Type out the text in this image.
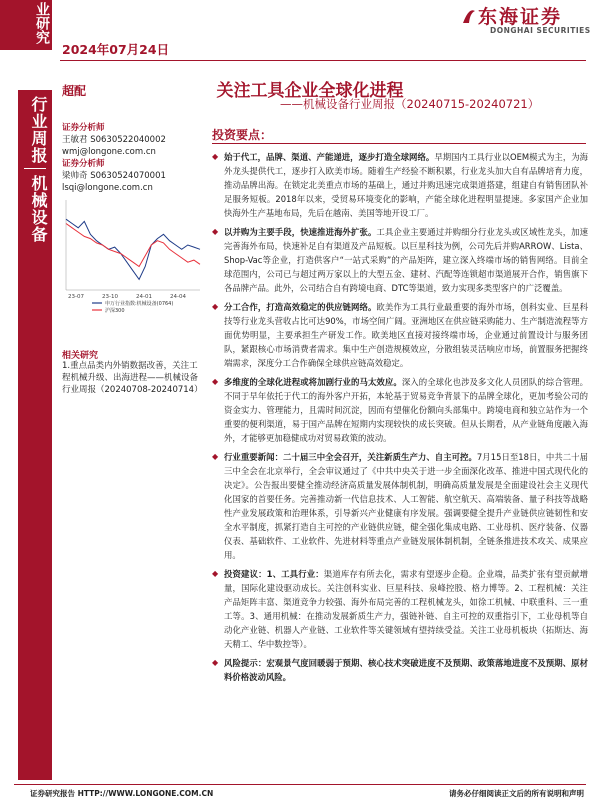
业研究
2024年07月24日
东海证券
DONGHAI SECURITIES
行业周报
机械设备
超配	关注工具企业全球化进程
——机械设备行业周报（20240715-20240721）
证券分析师
王敏君 S0630522040002
wmj@longone.com.cn
证券分析师
梁帅奇 S0630524070001
lsqi@longone.com.cn
23-07	23-10	24-01	24-04
申万行业指数:机械设备(0764)
沪深300
相关研究
1.重点品类内外销数据改善，关注工程机械升级、出海进程——机械设备行业周报（20240708-20240714）
投资要点：
◆ 始于代工，品牌、渠道、产能递进，逐步打造全球网络。早期国内工具行业以OEM模式为主，为海外龙头提供代工，逐步打入欧美市场。随着生产经验不断积累，行业龙头加大自有品牌培育力度，推动品牌出海。在锁定北美重点市场的基础上，通过并购迅速完成渠道搭建，组建自有销售团队补足服务短板。2018年以来，受贸易环境变化的影响，产能全球化进程明显提速。多家国产企业加快海外生产基地布局，先后在越南、美国等地开设工厂。
◆ 以并购为主要手段，快速推进海外扩张。工具企业主要通过并购细分行业龙头或区域性龙头，加速完善海外布局，快速补足自有渠道及产品短板。以巨星科技为例，公司先后并购ARROW、Lista、Shop-Vac等企业，打造供客户“一站式采购”的产品矩阵，建立深入终端市场的销售网络。目前全球范围内，公司已与超过两万家以上的大型五金、建材、汽配等连锁超市渠道展开合作，销售旗下各品牌产品。此外，公司结合自有跨境电商、DTC等渠道，致力实现多类型客户的广泛覆盖。
◆ 分工合作，打造高效稳定的供应链网络。欧美作为工具行业最重要的海外市场，创科实业、巨星科技等行业龙头营收占比可达90%，市场空间广阔。亚洲地区在供应链采购能力、生产制造流程等方面优势明显，主要承担生产研发工作。欧美地区直接对接终端市场，企业通过前置设计与服务团队，紧跟核心市场消费者需求。集中生产创造规模效应，分散组装灵活响应市场，前置服务把握终端需求，深度分工合作确保全球供应链高效稳定。
◆ 多维度的全球化进程或将加剧行业的马太效应。深入的全球化也涉及多文化人员团队的综合管理。不同于早年依托于代工的海外客户开拓，本轮基于贸易竞争背景下的品牌全球化，更加考验公司的资金实力、管理能力，且需时间沉淀，因而有望催化份额向头部集中。跨境电商和独立站作为一个重要的便利渠道，易于国产品牌在短期内实现较快的成长突破。但从长期看，从产业链角度融入海外，才能够更加稳健成功对贸易政策的波动。
◆ 行业重要新闻：二十届三中全会召开，关注新质生产力、自主可控。7月15日至18日，中共二十届三中全会在北京举行，全会审议通过了《中共中央关于进一步全面深化改革、推进中国式现代化的决定》。公告报出要健全推动经济高质量发展体制机制，明确高质量发展是全面建设社会主义现代化国家的首要任务。完善推动新一代信息技术、人工智能、航空航天、高端装备、量子科技等战略性产业发展政策和治理体系，引导新兴产业健康有序发展。强调要健全提升产业链供应链韧性和安全水平制度，抓紧打造自主可控的产业链供应链，健全强化集成电路、工业母机、医疗装备、仪器仪表、基础软件、工业软件、先进材料等重点产业链发展体制机制，全链条推进技术攻关、成果应用。
◆ 投资建议：1、工具行业：渠道库存有所去化，需求有望逐步企稳。企业端，品类扩张有望贡献增量，国际化建设驱动成长。关注创科实业、巨星科技、泉峰控股、格力博等。2、工程机械：关注产品矩阵丰富、渠道竞争力较强、海外布局完善的工程机械龙头，如徐工机械、中联重科、三一重工等。3、通用机械：在推动发展新质生产力，强链补链、自主可控的双重指引下，工业母机等自动化产业链、机器人产业链、工业软件等关键领域有望持续受益。关注工业母机板块（拓斯达、海天精工、华中数控等）。
◆ 风险提示：宏观景气度回暖弱于预期、核心技术突破进度不及预期、政策落地进度不及预期、原材料价格波动风险。
证券研究报告 HTTP://WWW.LONGONE.COM.CN	请务必仔细阅读正文后的所有说明和声明
